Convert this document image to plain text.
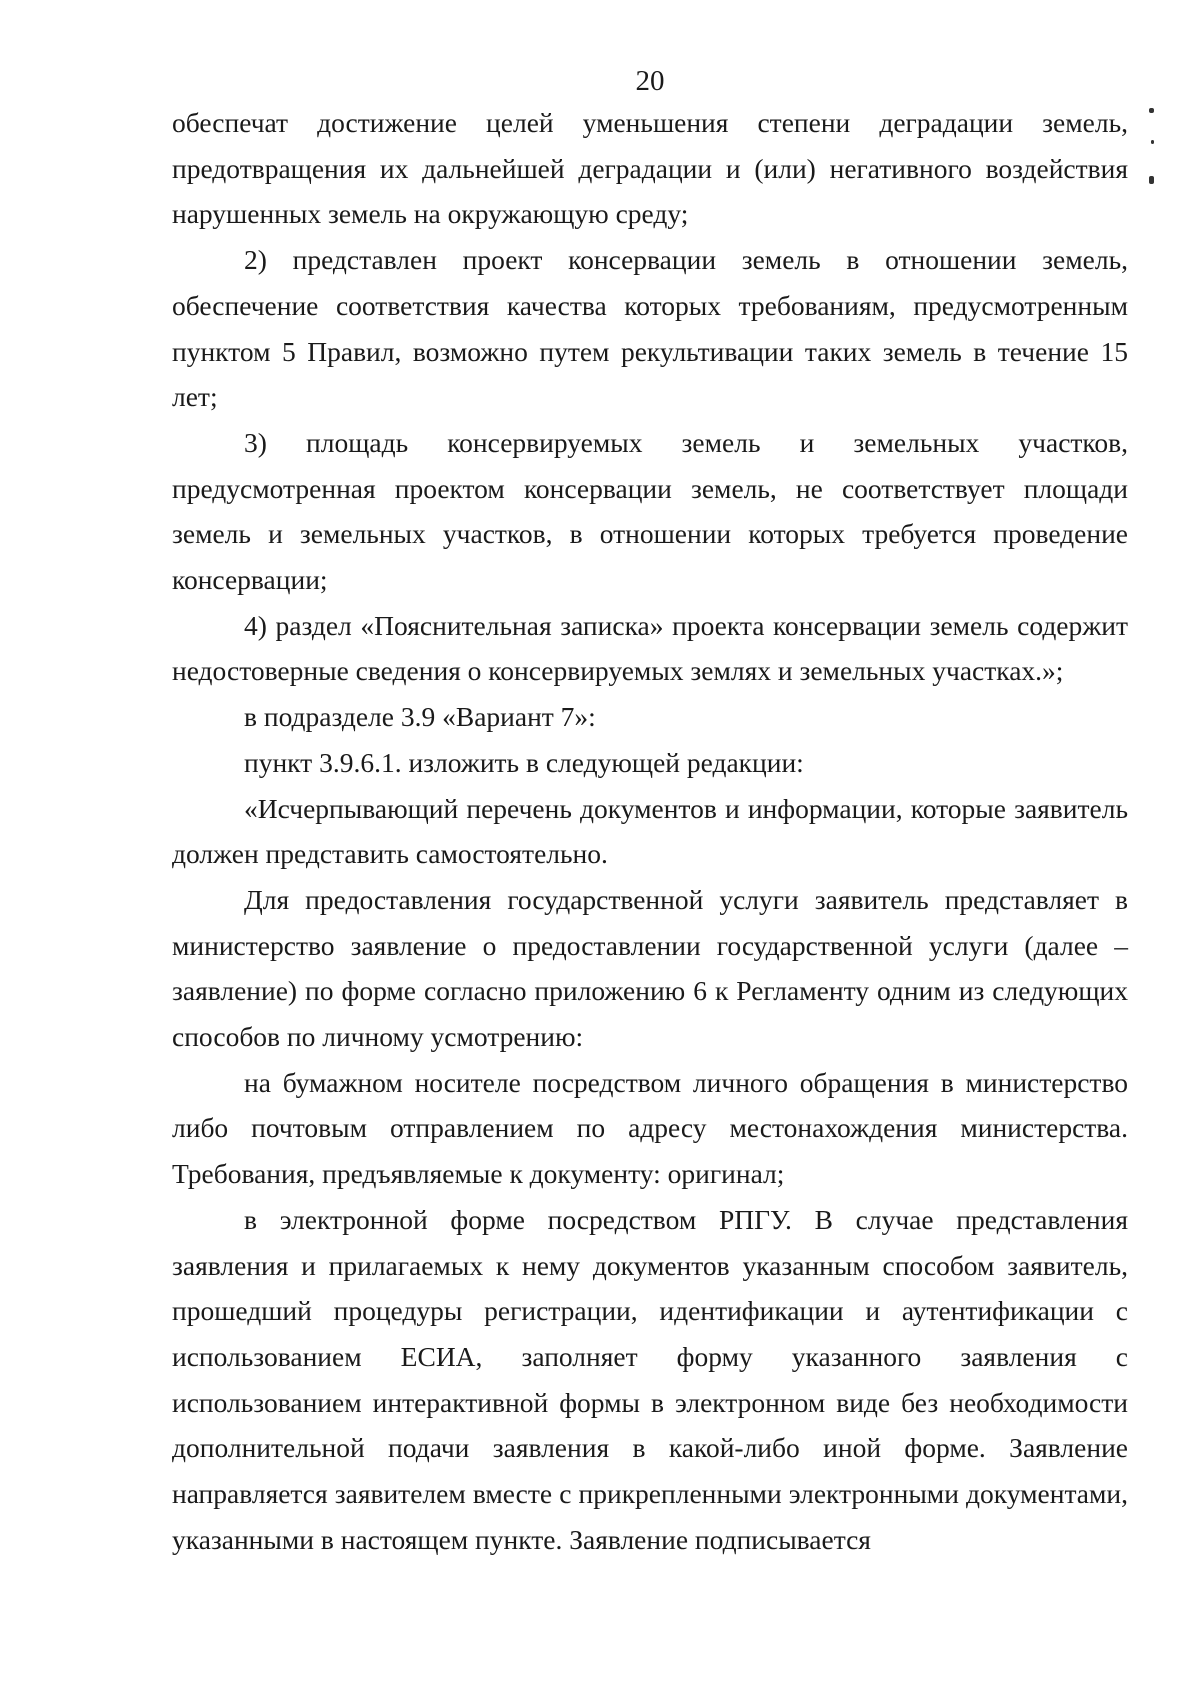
20

обеспечат достижение целей уменьшения степени деградации земель, предотвращения их дальнейшей деградации и (или) негативного воздействия нарушенных земель на окружающую среду;

2) представлен проект консервации земель в отношении земель, обеспечение соответствия качества которых требованиям, предусмотренным пунктом 5 Правил, возможно путем рекультивации таких земель в течение 15 лет;

3) площадь консервируемых земель и земельных участков, предусмотренная проектом консервации земель, не соответствует площади земель и земельных участков, в отношении которых требуется проведение консервации;

4) раздел «Пояснительная записка» проекта консервации земель содержит недостоверные сведения о консервируемых землях и земельных участках.»;

в подразделе 3.9 «Вариант 7»:

пункт 3.9.6.1. изложить в следующей редакции:

«Исчерпывающий перечень документов и информации, которые заявитель должен представить самостоятельно.

Для предоставления государственной услуги заявитель представляет в министерство заявление о предоставлении государственной услуги (далее – заявление) по форме согласно приложению 6 к Регламенту одним из следующих способов по личному усмотрению:

на бумажном носителе посредством личного обращения в министерство либо почтовым отправлением по адресу местонахождения министерства. Требования, предъявляемые к документу: оригинал;

в электронной форме посредством РПГУ. В случае представления заявления и прилагаемых к нему документов указанным способом заявитель, прошедший процедуры регистрации, идентификации и аутентификации с использованием ЕСИА, заполняет форму указанного заявления с использованием интерактивной формы в электронном виде без необходимости дополнительной подачи заявления в какой-либо иной форме. Заявление направляется заявителем вместе с прикрепленными электронными документами, указанными в настоящем пункте. Заявление подписывается
